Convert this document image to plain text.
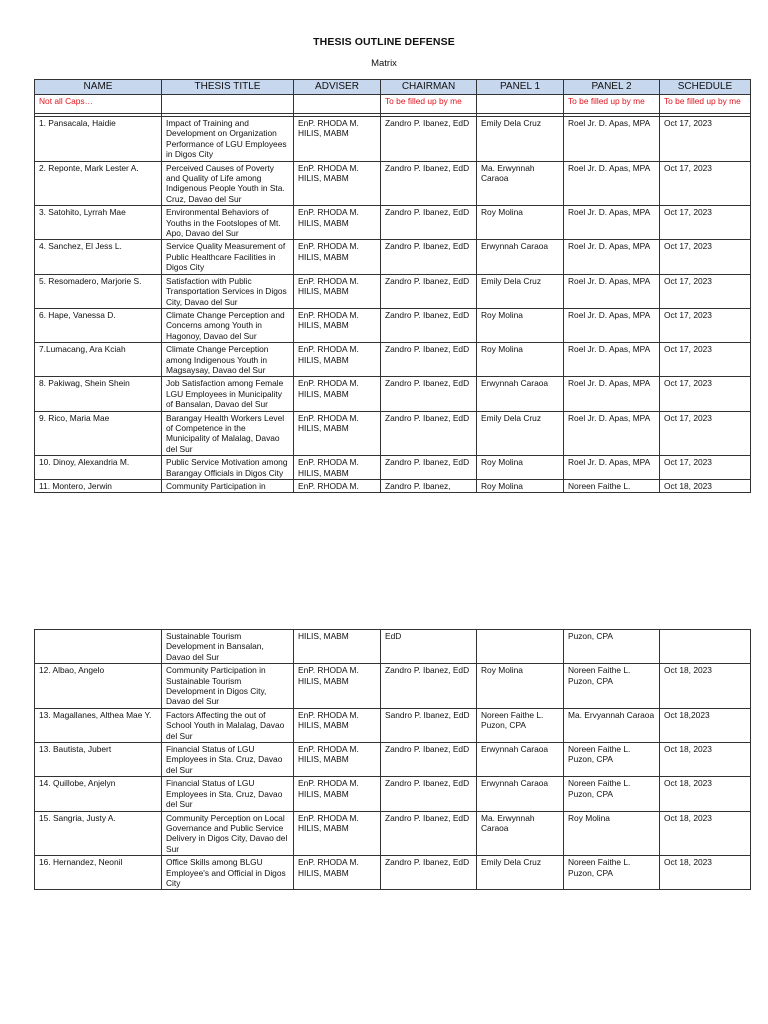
THESIS OUTLINE DEFENSE
Matrix
NAME	THESIS TITLE	ADVISER	CHAIRMAN	PANEL 1	PANEL 2	SCHEDULE
Not all Caps…			To be filled up by me		To be filled up by me	To be filled up by me

1. Pansacala, Haidie	Impact of Training and Development on Organization Performance of LGU Employees in Digos City	EnP. RHODA M. HILIS, MABM	Zandro P. Ibanez, EdD	Emily Dela Cruz	Roel Jr. D. Apas, MPA	Oct 17, 2023
2. Reponte, Mark Lester A.	Perceived Causes of Poverty and Quality of Life among Indigenous People Youth in Sta. Cruz, Davao del Sur	EnP. RHODA M. HILIS, MABM	Zandro P. Ibanez, EdD	Ma. Erwynnah Caraoa	Roel Jr. D. Apas, MPA	Oct 17, 2023
3. Satohito, Lyrrah Mae	Environmental Behaviors of Youths in the Footslopes of Mt. Apo, Davao del Sur	EnP. RHODA M. HILIS, MABM	Zandro P. Ibanez, EdD	Roy Molina	Roel Jr. D. Apas, MPA	Oct 17, 2023
4. Sanchez, El Jess L.	Service Quality Measurement of Public Healthcare Facilities in Digos City	EnP. RHODA M. HILIS, MABM	Zandro P. Ibanez, EdD	Erwynnah Caraoa	Roel Jr. D. Apas, MPA	Oct 17, 2023
5. Resomadero, Marjorie S.	Satisfaction with Public Transportation Services in Digos City, Davao del Sur	EnP. RHODA M. HILIS, MABM	Zandro P. Ibanez, EdD	Emily Dela Cruz	Roel Jr. D. Apas, MPA	Oct 17, 2023
6. Hape, Vanessa D.	Climate Change Perception and Concerns among Youth in Hagonoy, Davao del Sur	EnP. RHODA M. HILIS, MABM	Zandro P. Ibanez, EdD	Roy Molina	Roel Jr. D. Apas, MPA	Oct 17, 2023
7.Lumacang, Ara Kciah	Climate Change Perception among Indigenous Youth in Magsaysay, Davao del Sur	EnP. RHODA M. HILIS, MABM	Zandro P. Ibanez, EdD	Roy Molina	Roel Jr. D. Apas, MPA	Oct 17, 2023
8. Pakiwag, Shein Shein	Job Satisfaction among Female LGU Employees in Municipality of Bansalan, Davao del Sur	EnP. RHODA M. HILIS, MABM	Zandro P. Ibanez, EdD	Erwynnah Caraoa	Roel Jr. D. Apas, MPA	Oct 17, 2023
9. Rico, Maria Mae	Barangay Health Workers Level of Competence in the Municipality of Malalag, Davao del Sur	EnP. RHODA M. HILIS, MABM	Zandro P. Ibanez, EdD	Emily Dela Cruz	Roel Jr. D. Apas, MPA	Oct 17, 2023
10. Dinoy, Alexandria M.	Public Service Motivation among Barangay Officials in Digos City	EnP. RHODA M. HILIS, MABM	Zandro P. Ibanez, EdD	Roy Molina	Roel Jr. D. Apas, MPA	Oct 17, 2023
11. Montero, Jerwin	Community Participation in	EnP. RHODA M.	Zandro P. Ibanez,	Roy Molina	Noreen Faithe L.	Oct 18, 2023
	Sustainable Tourism Development in Bansalan, Davao del Sur	HILIS, MABM	EdD		Puzon, CPA	
12. Albao, Angelo	Community Participation in Sustainable Tourism Development in Digos City, Davao del Sur	EnP. RHODA M. HILIS, MABM	Zandro P. Ibanez, EdD	Roy Molina	Noreen Faithe L. Puzon, CPA	Oct 18, 2023
13. Magallanes, Althea Mae Y.	Factors Affecting the out of School Youth in Malalag, Davao del Sur	EnP. RHODA M. HILIS, MABM	Sandro P. Ibanez, EdD	Noreen Faithe L. Puzon, CPA	Ma. Ervyannah Caraoa	Oct 18,2023
13. Bautista, Jubert	Financial Status of LGU Employees in Sta. Cruz, Davao del Sur	EnP. RHODA M. HILIS, MABM	Zandro P. Ibanez, EdD	Erwynnah Caraoa	Noreen Faithe L. Puzon, CPA	Oct 18, 2023
14. Quillobe, Anjelyn	Financial Status of LGU Employees in Sta. Cruz, Davao del Sur	EnP. RHODA M. HILIS, MABM	Zandro P. Ibanez, EdD	Erwynnah Caraoa	Noreen Faithe L. Puzon, CPA	Oct 18, 2023
15. Sangria, Justy A.	Community Perception on Local Governance and Public Service Delivery in Digos City, Davao del Sur	EnP. RHODA M. HILIS, MABM	Zandro P. Ibanez, EdD	Ma. Erwynnah Caraoa	Roy Molina	Oct 18, 2023
16. Hernandez, Neonil	Office Skills among BLGU Employee's and Official in Digos City	EnP. RHODA M. HILIS, MABM	Zandro P. Ibanez, EdD	Emily Dela Cruz	Noreen Faithe L. Puzon, CPA	Oct 18, 2023
